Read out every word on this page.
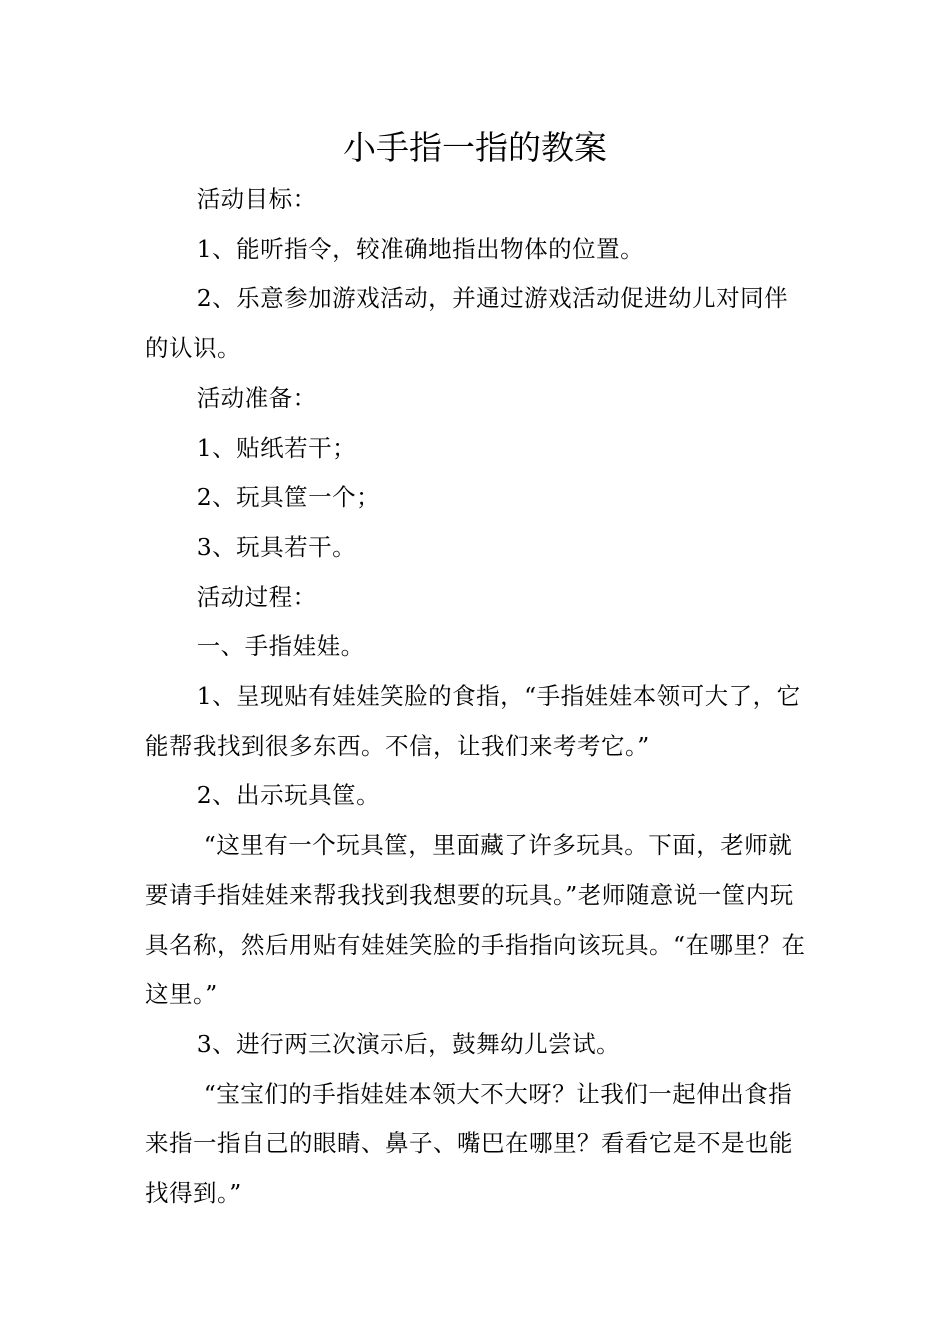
小手指一指的教案

活动目标：

1、能听指令，较准确地指出物体的位置。

2、乐意参加游戏活动，并通过游戏活动促进幼儿对同伴的认识。

活动准备：

1、贴纸若干；

2、玩具筐一个；

3、玩具若干。

活动过程：

一、手指娃娃。

1、呈现贴有娃娃笑脸的食指，“手指娃娃本领可大了，它能帮我找到很多东西。不信，让我们来考考它。”

2、出示玩具筐。

“这里有一个玩具筐，里面藏了许多玩具。下面，老师就要请手指娃娃来帮我找到我想要的玩具。”老师随意说一筐内玩具名称，然后用贴有娃娃笑脸的手指指向该玩具。“在哪里？在这里。”

3、进行两三次演示后，鼓舞幼儿尝试。

“宝宝们的手指娃娃本领大不大呀？让我们一起伸出食指来指一指自己的眼睛、鼻子、嘴巴在哪里？看看它是不是也能找得到。”
